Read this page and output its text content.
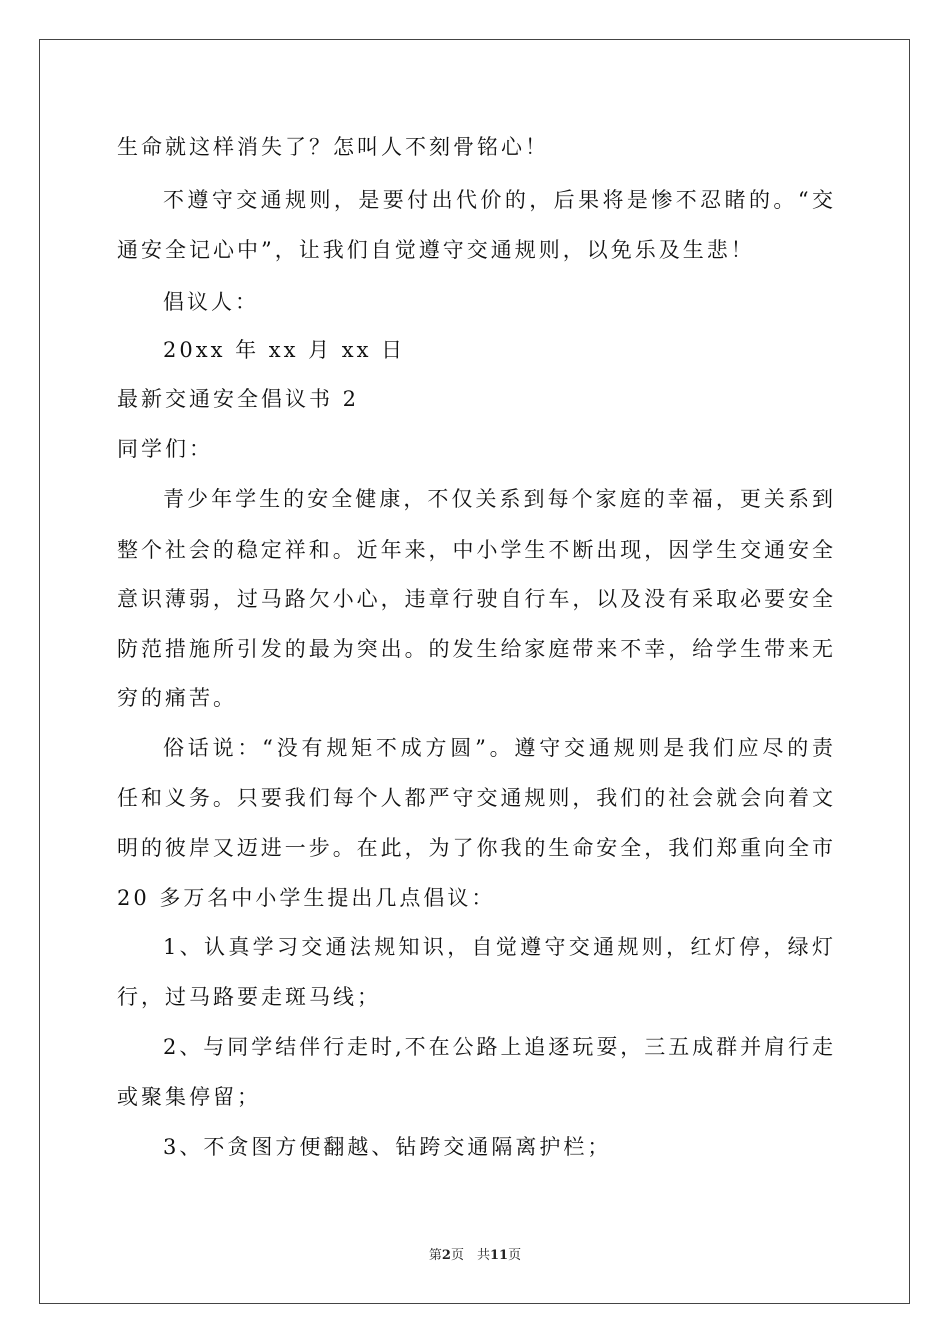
生命就这样消失了？怎叫人不刻骨铭心！
不遵守交通规则，是要付出代价的，后果将是惨不忍睹的。“交
通安全记心中”，让我们自觉遵守交通规则，以免乐及生悲！
倡议人：
20xx 年 xx 月 xx 日
最新交通安全倡议书 2
同学们：
青少年学生的安全健康，不仅关系到每个家庭的幸福，更关系到
整个社会的稳定祥和。近年来，中小学生不断出现，因学生交通安全
意识薄弱，过马路欠小心，违章行驶自行车，以及没有采取必要安全
防范措施所引发的最为突出。的发生给家庭带来不幸，给学生带来无
穷的痛苦。
俗话说：“没有规矩不成方圆”。遵守交通规则是我们应尽的责
任和义务。只要我们每个人都严守交通规则，我们的社会就会向着文
明的彼岸又迈进一步。在此，为了你我的生命安全，我们郑重向全市
20 多万名中小学生提出几点倡议：
1、认真学习交通法规知识，自觉遵守交通规则，红灯停，绿灯
行，过马路要走斑马线；
2、与同学结伴行走时,不在公路上追逐玩耍，三五成群并肩行走
或聚集停留；
3、不贪图方便翻越、钻跨交通隔离护栏；
第2页　共11页
